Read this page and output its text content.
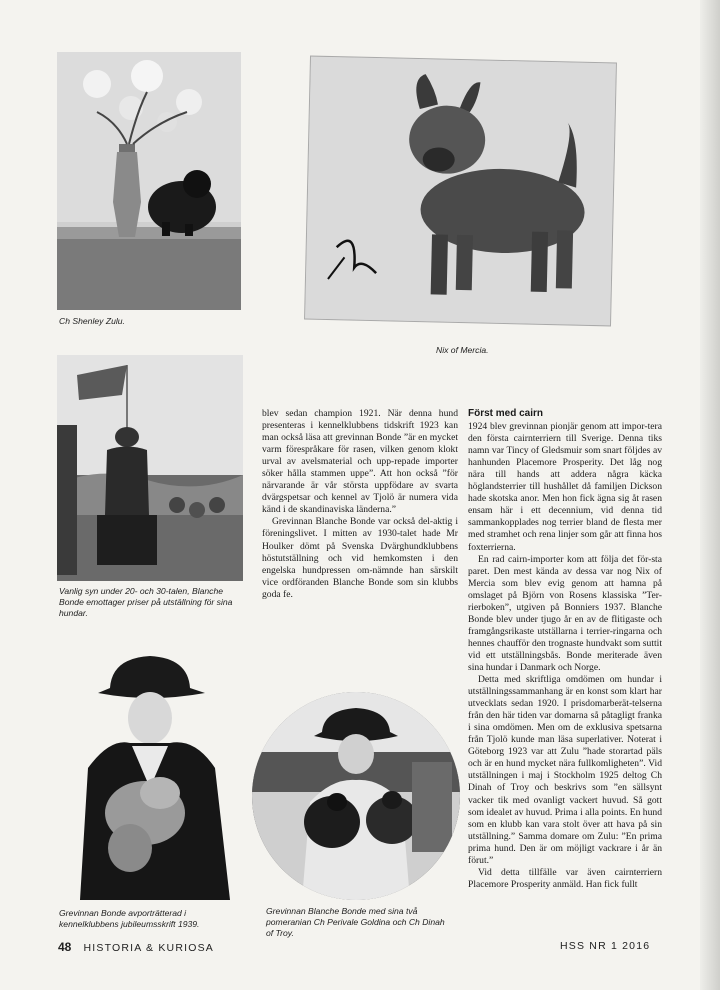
Ch Shenley Zulu.
Nix of Mercia.
Vanlig syn under 20- och 30-talen, Blanche Bonde emottager priser på utställning för sina hundar.
Grevinnan Bonde avporträtterad i kennelklubbens jubileumsskrift 1939.
Grevinnan Blanche Bonde med sina två pomeranian Ch Perivale Goldina och Ch Dinah of Troy.

blev sedan champion 1921. När denna hund presenteras i kennelklubbens tidskrift 1923 kan man också läsa att grevinnan Bonde ”är en mycket varm förespråkare för rasen, vilken genom klokt urval av avelsmaterial och upp-repade importer söker hålla stammen uppe”. Att hon också ”för närvarande är vår största uppfödare av svarta dvärgspetsar och kennel av Tjolö är numera vida känd i de skandinaviska länderna.”

Grevinnan Blanche Bonde var också del-aktig i föreningslivet. I mitten av 1930-talet hade Mr Houlker dömt på Svenska Dvärghundklubbens höstutställning och vid hemkomsten i den engelska hundpressen om-nämnde han särskilt vice ordföranden Blanche Bonde som sin klubbs goda fe.

Först med cairn

1924 blev grevinnan pionjär genom att impor-tera den första cairnterriern till Sverige. Denna tiks namn var Tincy of Gledsmuir som snart följdes av hanhunden Placemore Prosperity. Det låg nog nära till hands att addera några käcka höglandsterrier till hushållet då familjen Dickson hade skotska anor. Men hon fick ägna sig åt rasen ensam här i ett decennium, vid denna tid sammankopplades nog terrier bland de flesta mer med stramhet och rena linjer som går att finna hos foxterrierna.

En rad cairn-importer kom att följa det för-sta paret. Den mest kända av dessa var nog Nix of Mercia som blev evig genom att hamna på omslaget på Björn von Rosens klassiska ”Ter-rierboken”, utgiven på Bonniers 1937. Blanche Bonde blev under tjugo år en av de flitigaste och framgångsrikaste utställarna i terrier-ringarna och hennes chaufför den trognaste hundvakt som suttit vid ett utställningsbås. Bonde meriterade även sina hundar i Danmark och Norge.

Detta med skriftliga omdömen om hundar i utställningssammanhang är en konst som klart har utvecklats sedan 1920. I prisdomarberät-telserna från den här tiden var domarna så påtagligt franka i sina omdömen. Men om de exklusiva spetsarna från Tjolö kunde man läsa superlativer. Noterat i Göteborg 1923 var att Zulu ”hade storartad päls och är en hund mycket nära fullkomligheten”. Vid utställningen i maj i Stockholm 1925 deltog Ch Dinah of Troy och beskrivs som ”en sällsynt vacker tik med ovanligt vackert huvud. Så gott som idealet av huvud. Prima i alla points. En hund som en klubb kan vara stolt över att hava på sin utställning.” Samma domare om Zulu: ”En prima prima hund. Den är om möjligt vackrare i år än förut.”

Vid detta tillfälle var även cairnterriern Placemore Prosperity anmäld. Han fick fullt

48 HISTORIA & KURIOSA	HSS NR 1 2016
